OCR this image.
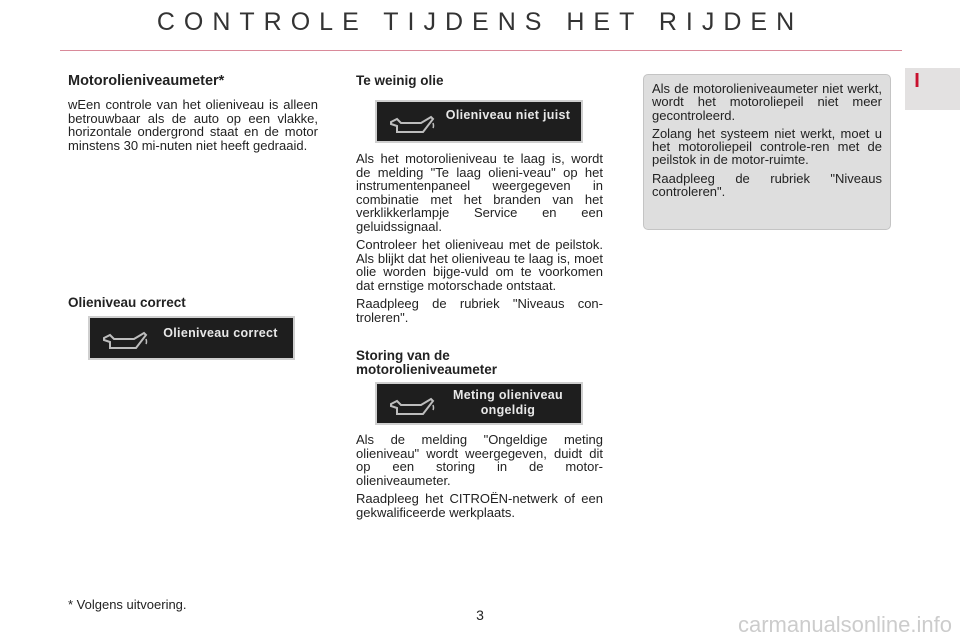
CONTROLE TIJDENS HET RIJDEN
I
Motorolieniveaumeter*

wEen controle van het olieniveau is alleen betrouwbaar als de auto op een vlakke, horizontale ondergrond staat en de motor minstens 30 mi-nuten niet heeft gedraaid.

Olieniveau correct
Olieniveau correct
Te weinig olie
Olieniveau niet juist

Als het motorolieniveau te laag is, wordt de melding "Te laag olieni-veau" op het instrumentenpaneel weergegeven in combinatie met het branden van het verklikkerlampje Service en een geluidssignaal.

Controleer het olieniveau met de peilstok. Als blijkt dat het olieniveau te laag is, moet olie worden bijge-vuld om te voorkomen dat ernstige motorschade ontstaat.

Raadpleeg de rubriek "Niveaus con-troleren".

Storing van de
motorolieniveaumeter
Meting olieniveau
ongeldig

Als de melding "Ongeldige meting olieniveau" wordt weergegeven, duidt dit op een storing in de motor-olieniveaumeter.

Raadpleeg het CITROËN-netwerk of een gekwalificeerde werkplaats.

Als de motorolieniveaumeter niet werkt, wordt het motoroliepeil niet meer gecontroleerd.

Zolang het systeem niet werkt, moet u het motoroliepeil controle-ren met de peilstok in de motor-ruimte.

Raadpleeg de rubriek "Niveaus controleren".

* Volgens uitvoering.
3	carmanualsonline.info
